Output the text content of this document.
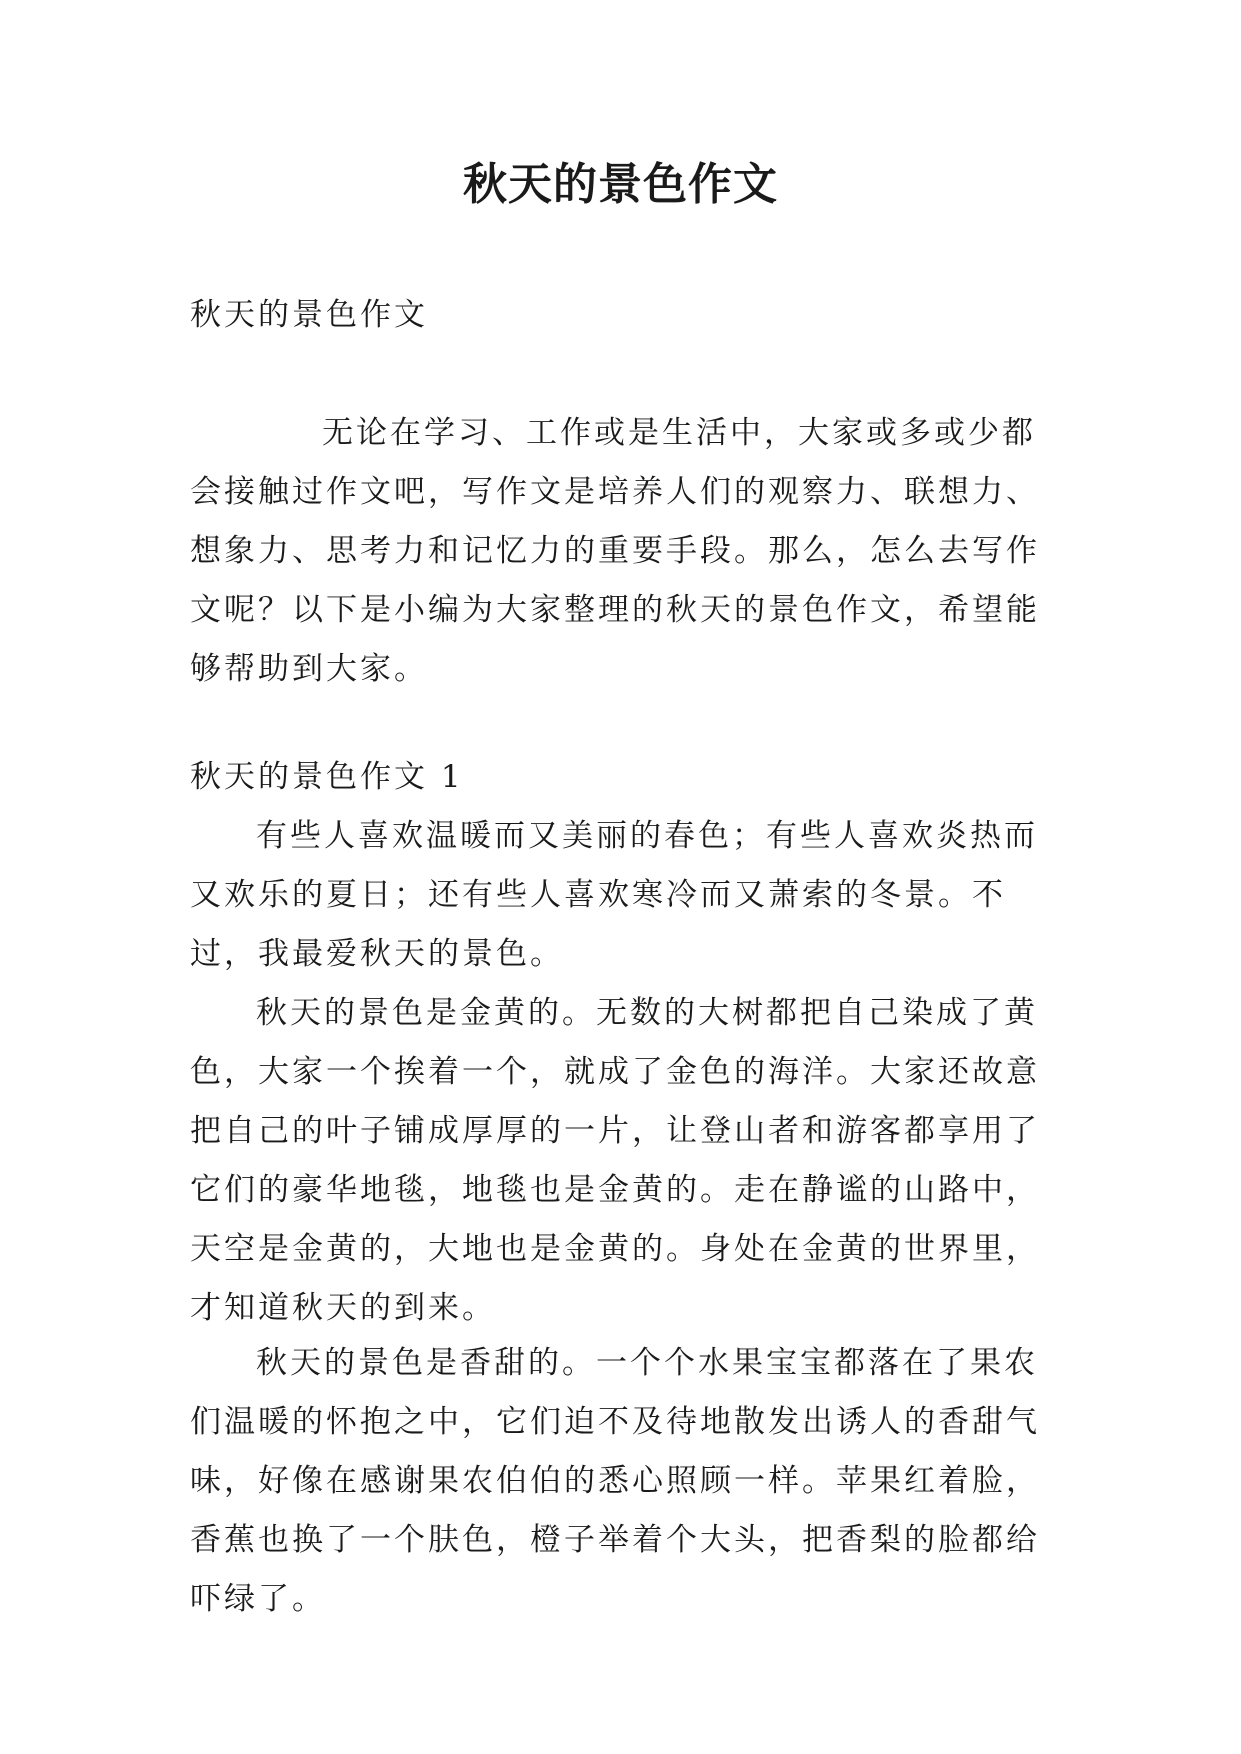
秋天的景色作文

秋天的景色作文

无论在学习、工作或是生活中，大家或多或少都会接触过作文吧，写作文是培养人们的观察力、联想力、想象力、思考力和记忆力的重要手段。那么，怎么去写作文呢？以下是小编为大家整理的秋天的景色作文，希望能够帮助到大家。

秋天的景色作文 1

有些人喜欢温暖而又美丽的春色；有些人喜欢炎热而又欢乐的夏日；还有些人喜欢寒冷而又萧索的冬景。不过，我最爱秋天的景色。

秋天的景色是金黄的。无数的大树都把自己染成了黄色，大家一个挨着一个，就成了金色的海洋。大家还故意把自己的叶子铺成厚厚的一片，让登山者和游客都享用了它们的豪华地毯，地毯也是金黄的。走在静谧的山路中，天空是金黄的，大地也是金黄的。身处在金黄的世界里，才知道秋天的到来。

秋天的景色是香甜的。一个个水果宝宝都落在了果农们温暖的怀抱之中，它们迫不及待地散发出诱人的香甜气味，好像在感谢果农伯伯的悉心照顾一样。苹果红着脸，香蕉也换了一个肤色，橙子举着个大头，把香梨的脸都给吓绿了。
